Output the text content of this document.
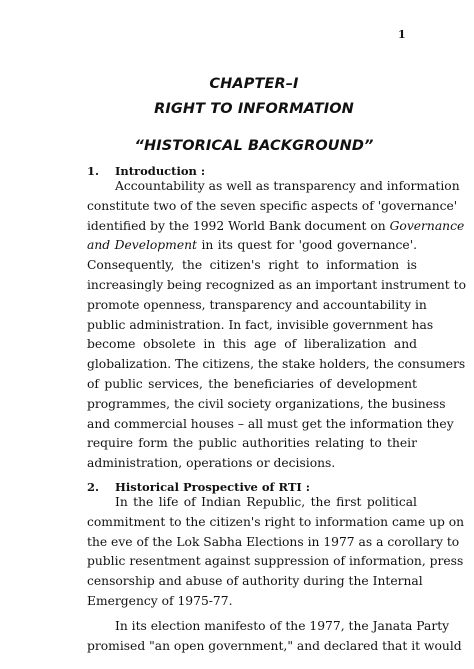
1
CHAPTER–I
RIGHT TO INFORMATION
“HISTORICAL BACKGROUND”
1. Introduction :
Accountability as well as transparency and information
constitute two of the seven specific aspects of 'governance'
identified by the 1992 World Bank document on Governance
and Development in its quest for 'good governance'.
Consequently, the citizen's right to information is
increasingly being recognized as an important instrument to
promote openness, transparency and accountability in
public administration. In fact, invisible government has
become obsolete in this age of liberalization and
globalization. The citizens, the stake holders, the consumers
of public services, the beneficiaries of development
programmes, the civil society organizations, the business
and commercial houses – all must get the information they
require form the public authorities relating to their
administration, operations or decisions.
2. Historical Prospective of RTI :
In the life of Indian Republic, the first political
commitment to the citizen's right to information came up on
the eve of the Lok Sabha Elections in 1977 as a corollary to
public resentment against suppression of information, press
censorship and abuse of authority during the Internal
Emergency of 1975-77.
In its election manifesto of the 1977, the Janata Party
promised "an open government," and declared that it would
